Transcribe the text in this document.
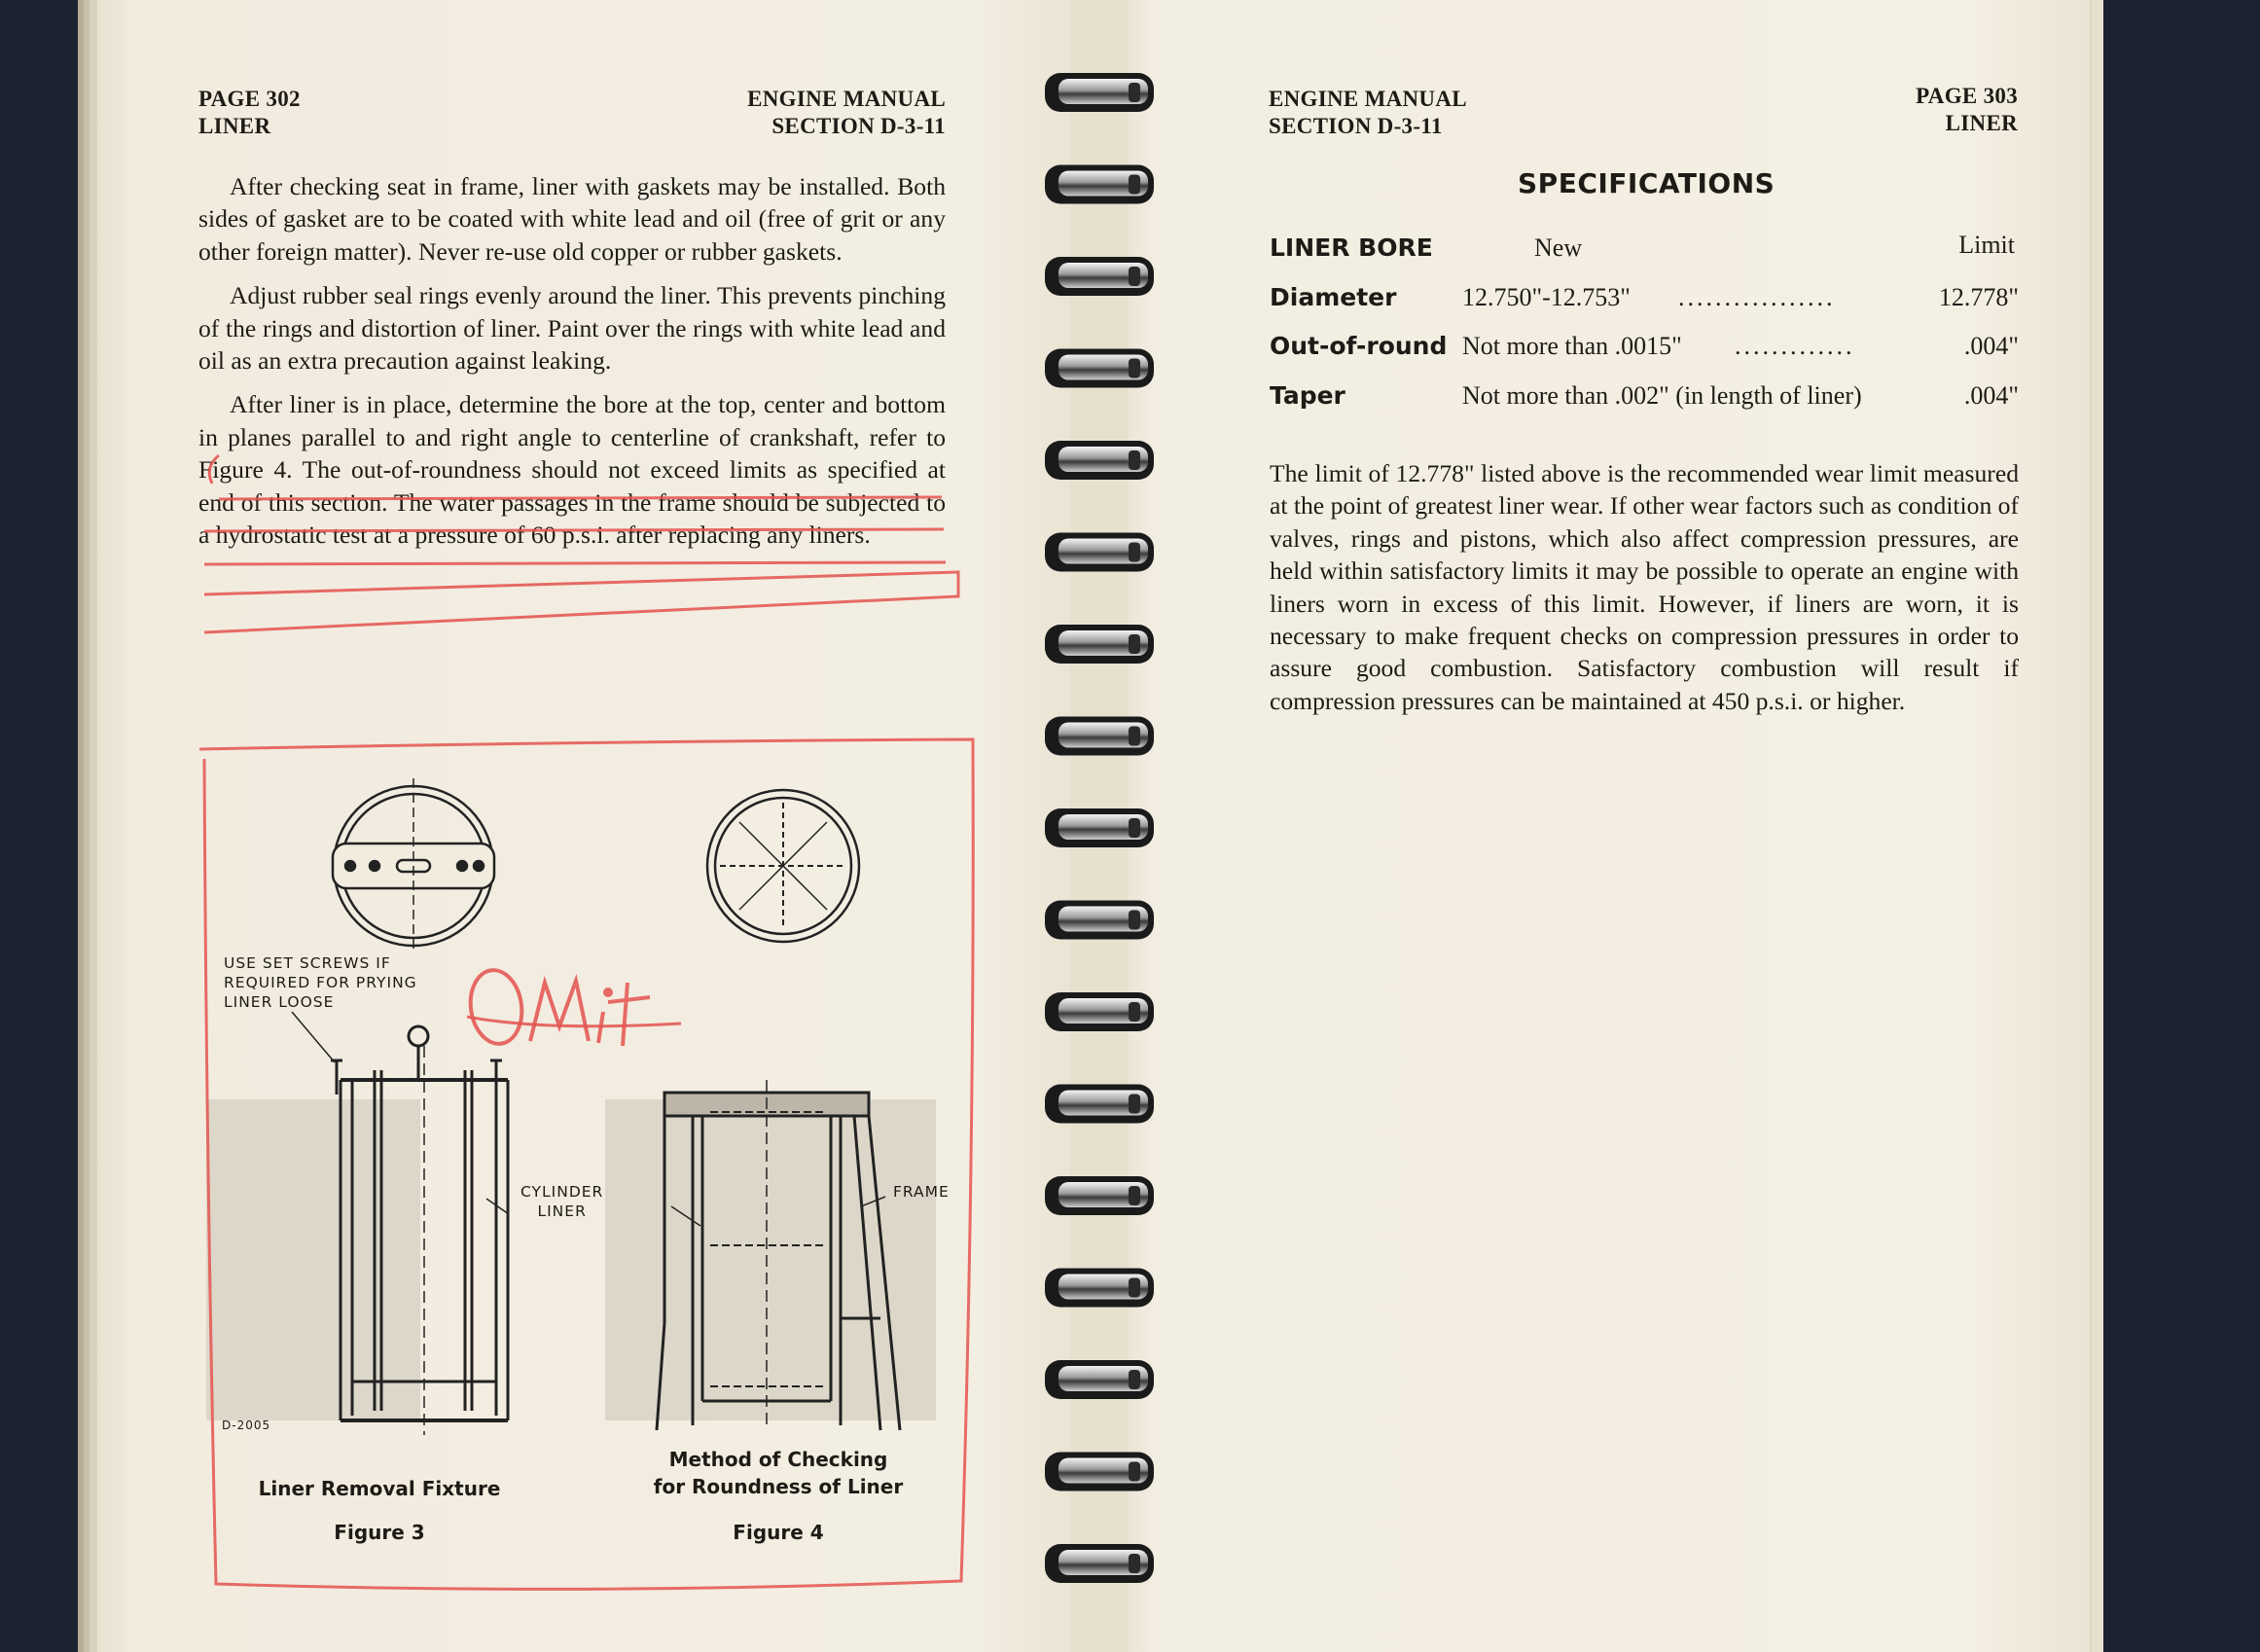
PAGE 302
LINER
ENGINE MANUAL
SECTION D-3-11

After checking seat in frame, liner with gaskets may be installed. Both sides of gasket are to be coated with white lead and oil (free of grit or any other foreign matter). Never re-use old copper or rubber gaskets.

Adjust rubber seal rings evenly around the liner. This prevents pinching of the rings and distortion of liner. Paint over the rings with white lead and oil as an extra precaution against leaking.

After liner is in place, determine the bore at the top, center and bottom in planes parallel to and right angle to centerline of crankshaft, refer to Figure 4. The out-of-roundness should not exceed limits as specified at end of this section. The water passages in the frame should be subjected to a hydrostatic test at a pressure of 60 p.s.i. after replacing any liners.

USE SET SCREWS IF
REQUIRED FOR PRYING
LINER LOOSE
CYLINDER
LINER
FRAME
D-2005
Liner Removal Fixture
Figure 3
Method of Checking
for Roundness of Liner
Figure 4
ENGINE MANUAL
SECTION D-3-11
PAGE 303
LINER
SPECIFICATIONS
LINER BORE	New	Limit
Diameter	12.750"-12.753" .................	12.778"
Out-of-round Not more than .0015" .............	.004"
Taper	Not more than .002" (in length of liner)	.004"

The limit of 12.778" listed above is the recommended wear limit measured at the point of greatest liner wear. If other wear factors such as condition of valves, rings and pistons, which also affect compression pressures, are held within satisfactory limits it may be possible to operate an engine with liners worn in excess of this limit. However, if liners are worn, it is necessary to make frequent checks on compression pressures in order to assure good combustion. Satisfactory combustion will result if compression pressures can be maintained at 450 p.s.i. or higher.
